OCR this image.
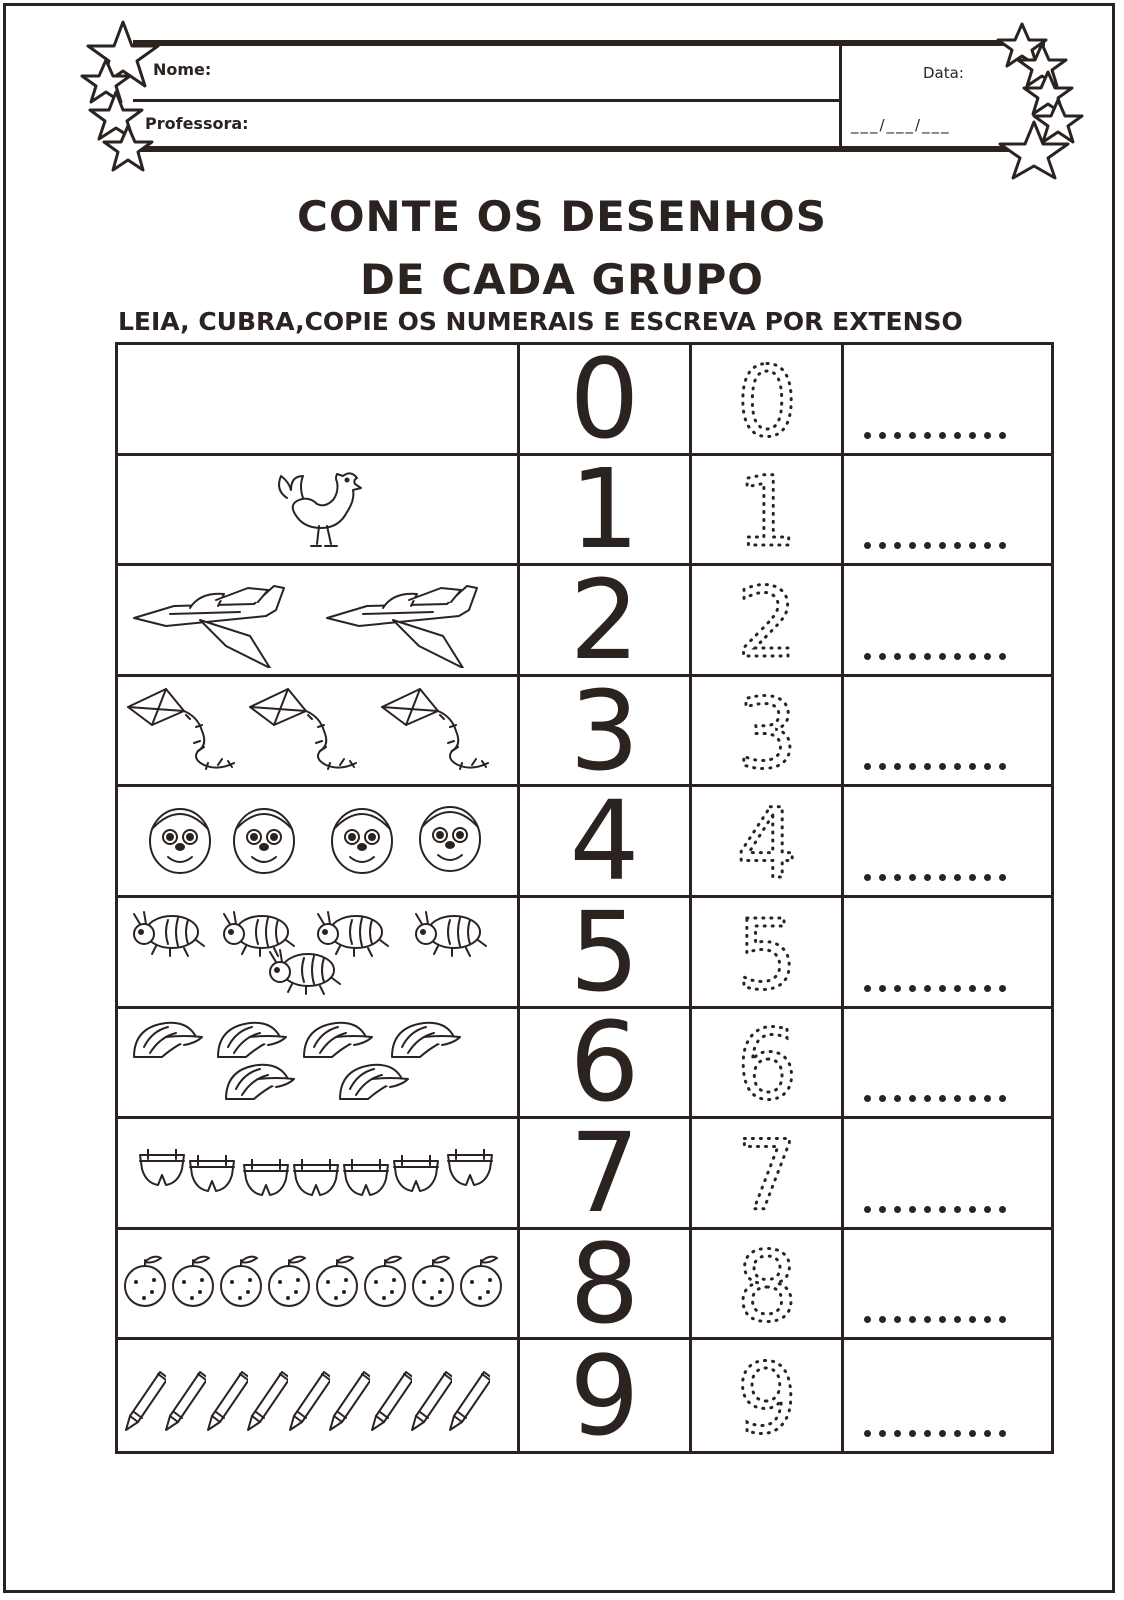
Nome:
Professora:
Data:
___/___/___
CONTE OS DESENHOS
DE CADA GRUPO
LEIA, CUBRA,COPIE OS NUMERAIS E ESCREVA POR EXTENSO
0	0
1	1
2	2
3	3
4	4
5	5
6	6
7	7
8	8
9	9
